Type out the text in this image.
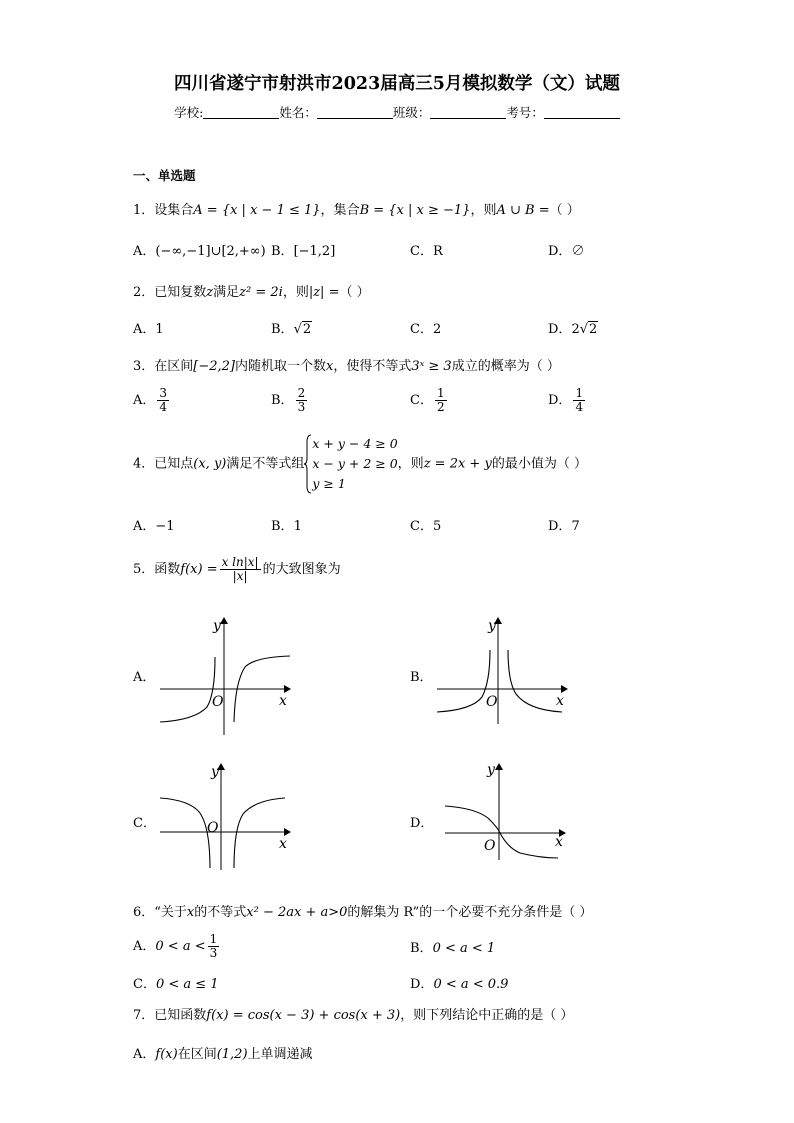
四川省遂宁市射洪市2023届高三5月模拟数学（文）试题
学校:	姓名：	班级：	考号：
一、单选题
1．设集合A = {x | x − 1 ≤ 1}，集合B = {x | x ≥ −1}，则A ∪ B =（ ）
A．(−∞,−1]∪[2,+∞) B．[−1,2]	C．R	D．∅
2．已知复数z满足z² = 2i，则|z| =（ ）
A．1	B．√2	C．2	D．2√2
3．在区间[−2,2]内随机取一个数x，使得不等式3ˣ ≥ 3成立的概率为（ ）
A． $\frac{3}{4}$	B． $\frac{2}{3}$	C． $\frac{1}{2}$	D． $\frac{1}{4}$
4．已知点(x, y)满足不等式组
x + y − 4 ≥ 0
x − y + 2 ≥ 0
y ≥ 1
，则z = 2x + y的最小值为（ ）
A．−1	B．1	C．5	D．7
5．函数$f(x) = \frac{\text{x ln|x|}}{|x|}$ 的大致图象为
A．	B．
C．	D．
O	x
y
O	x
y
O
x
y
O	x
y
6．“关于x的不等式x² − 2ax + a>0的解集为 R”的一个必要不充分条件是（ ）
A．$0 < a < \frac{1}{3}$	B．0 < a < 1
C．0 < a ≤ 1	D．0 < a < 0.9
7．已知函数f(x) = cos(x − 3) + cos(x + 3)，则下列结论中正确的是（ ）
A．f(x)在区间(1,2)上单调递减
